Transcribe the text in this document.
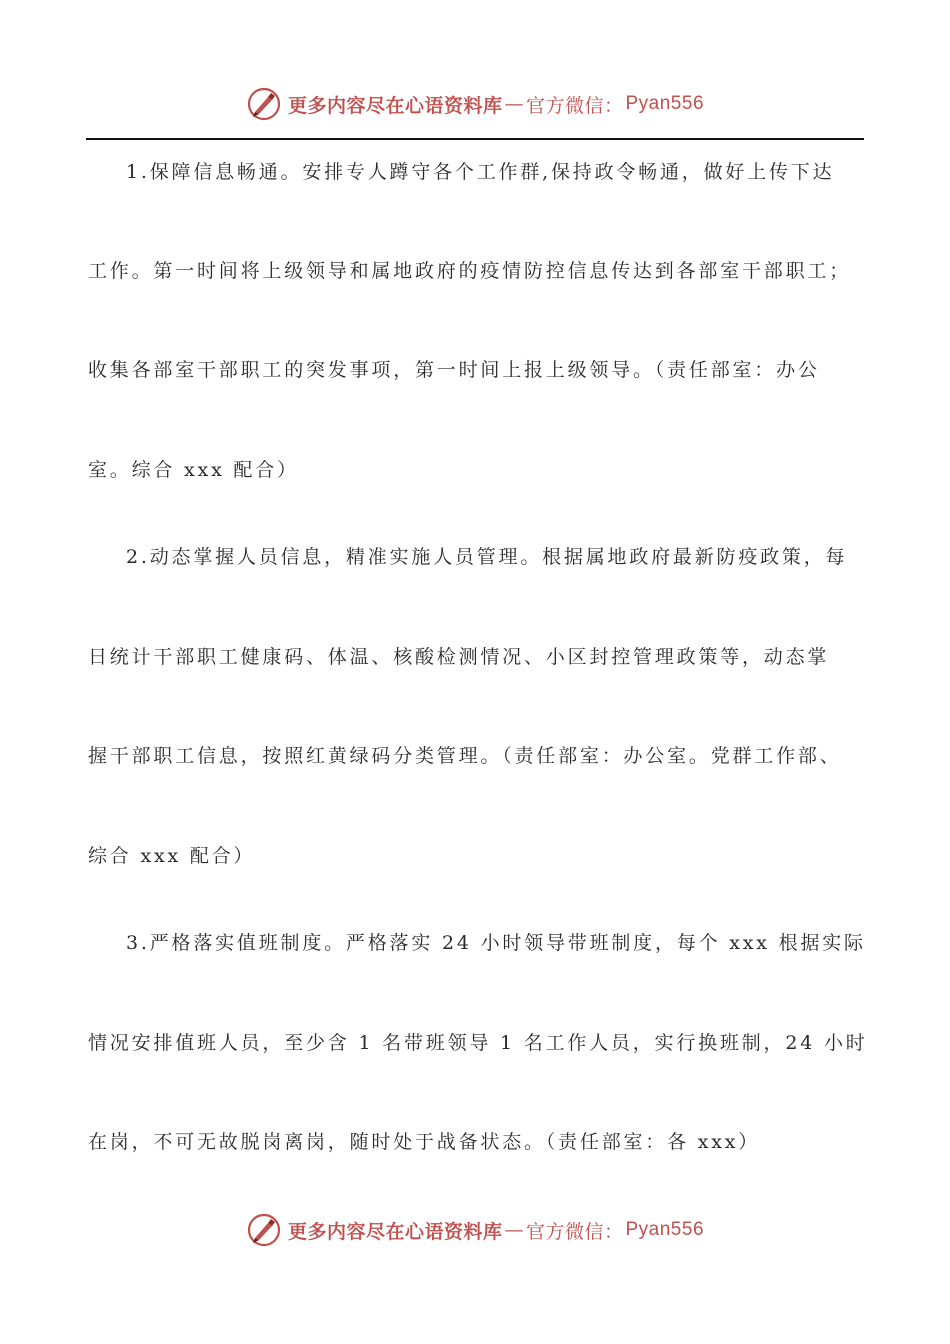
更多内容尽在心语资料库 — 官方微信： Pyan556
1.保障信息畅通。安排专人蹲守各个工作群,保持政令畅通，做好上传下达
工作。第一时间将上级领导和属地政府的疫情防控信息传达到各部室干部职工；
收集各部室干部职工的突发事项，第一时间上报上级领导。（责任部室：办公
室。综合 xxx 配合）
2.动态掌握人员信息，精准实施人员管理。根据属地政府最新防疫政策，每
日统计干部职工健康码、体温、核酸检测情况、小区封控管理政策等，动态掌
握干部职工信息，按照红黄绿码分类管理。（责任部室：办公室。党群工作部、
综合 xxx 配合）
3.严格落实值班制度。严格落实 24 小时领导带班制度，每个 xxx 根据实际
情况安排值班人员，至少含 1 名带班领导 1 名工作人员，实行换班制，24 小时
在岗，不可无故脱岗离岗，随时处于战备状态。（责任部室：各 xxx）
更多内容尽在心语资料库 — 官方微信： Pyan556
